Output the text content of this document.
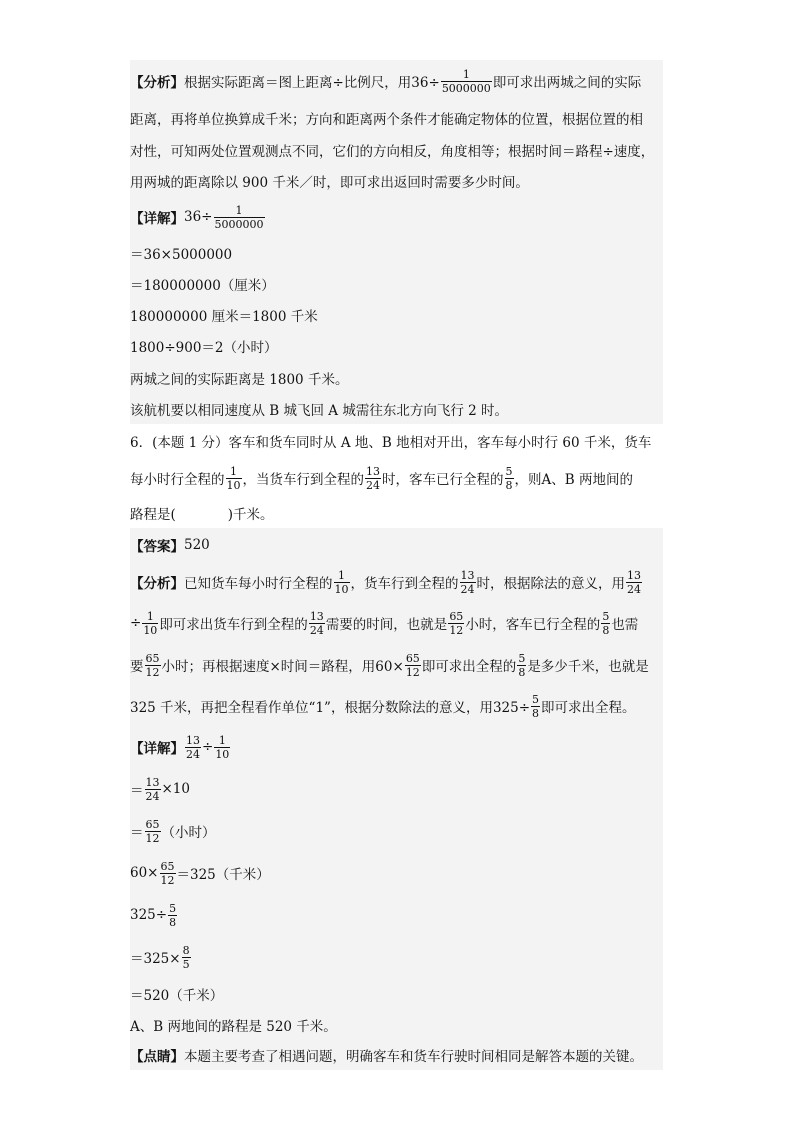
【分析】 根据实际距离＝图上距离÷比例尺，用$36\div \frac{1}{5000000}$ 即可求出两城之间的实际
距离，再将单位换算成千米；方向和距离两个条件才能确定物体的位置，根据位置的相
对性，可知两处位置观测点不同，它们的方向相反，角度相等；根据时间＝路程÷速度，
用两城的距离除以 900 千米／时，即可求出返回时需要多少时间。
【详解】 $36\div \frac{1}{5000000}$
＝36×5000000
＝180000000（厘米）
180000000 厘米＝1800 千米
1800÷900＝2（小时）
两城之间的实际距离是 1800 千米。
该航机要以相同速度从 B 城飞回 A 城需往东北方向飞行 2 时。
6．(本题 1 分）客车和货车同时从 A 地、B 地相对开出，客车每小时行 60 千米，货车
每小时行全程的 $\frac{1}{10}$ ，当货车行到全程的 $\frac{13}{24}$ 时，客车已行全程的 $\frac{5}{8}$ ，则A、B 两地间的
路程是(	)千米。
【答案】 520
【分析】 已知货车每小时行全程的 $\frac{1}{10}$ ，货车行到全程的 $\frac{13}{24}$ 时，根据除法的意义，用 $\frac{13}{24}$
÷ $\frac{1}{10}$ 即可求出货车行到全程的 $\frac{13}{24}$ 需要的时间，也就是 $\frac{65}{12}$ 小时，客车已行全程的 $\frac{5}{8}$ 也需
要 $\frac{65}{12}$ 小时；再根据速度×时间＝路程，用$60\times \frac{65}{12}$ 即可求出全程的 $\frac{5}{8}$ 是多少千米，也就是
325 千米，再把全程看作单位“1”，根据分数除法的意义，用$325\div \frac{5}{8}$ 即可求出全程。
【详解】 $\frac{13}{24} \div \frac{1}{10}$
＝ $\frac{13}{24} \times 10$
＝ $\frac{65}{12}$ （小时）
$60\times \frac{65}{12} =325$（千米）
$325\div \frac{5}{8}$
$=325\times \frac{8}{5}$
＝520（千米）
A、B 两地间的路程是 520 千米。
【点睛】 本题主要考查了相遇问题，明确客车和货车行驶时间相同是解答本题的关键。
